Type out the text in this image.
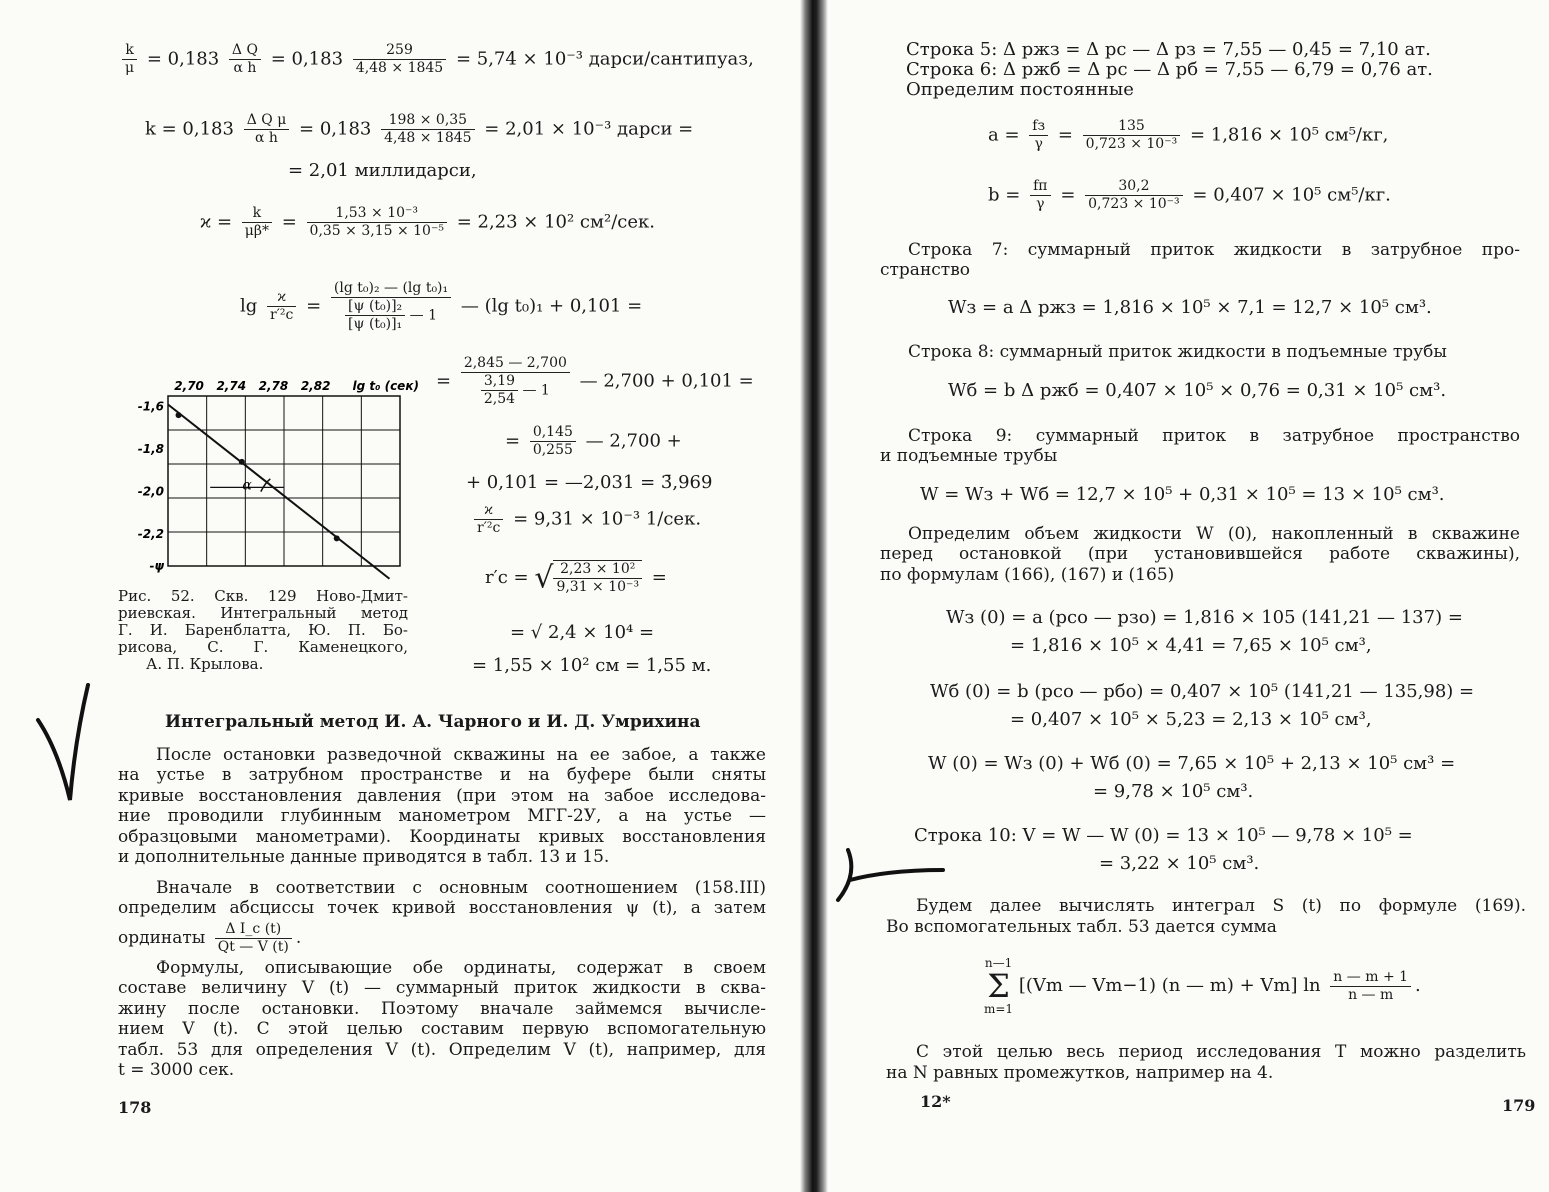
$\frac{k}{\mu} = 0,183 \frac{\text{Δ Q}}{\text{α h}} = 0,183 \frac{259}{4,48 \times 1845} = 5,74 \times 10^{-3}$ дарси/сантипуаз,
$k = 0,183 \frac{\text{Δ Q μ}}{\text{α h}} = 0,183 \frac{198 \times 0,35}{4,48 \times 1845} = 2,01 \times 10^{-3}$ дарси =
= 2,01 миллидарси,
$ϰ = \frac{k}{\mu\beta*} = \frac{\text{1,53 × 10⁻³}}{\text{0,35 × 3,15 × 10⁻⁵}} = 2,23 \times 10^2$ см²/сек.
$\lg \frac{ϰ}{\text{r′²c}} = \frac{\text{(lg t₀)₂ — (lg t₀)₁}}{\frac{\text{[ψ (t₀)]₂}}{\text{[ψ (t₀)]₁}} — 1}$ — (lg t₀)₁ + 0,101 =
= $\frac{2,845 — 2,700}{\frac{3,19}{2,54} — 1}$ — 2,700 + 0,101 =
= $\frac{0,145}{0,255}$ — 2,700 +
+ 0,101 = —2,031 = 3̄,969
$\frac{ϰ}{\text{r′²c}} = 9,31 \times 10^{-3}$ 1/сек.
r′c = √ $\frac{\text{2,23 × 10²}}{\text{9,31 × 10⁻³}}$ =
= √ 2,4 × 10⁴ =
= 1,55 × 10² см = 1,55 м.
2,70 2,74 2,78 2,82 lg t₀ (сек)
-1,6
-1,8
-2,0
-2,2
-ψ
α
Рис. 52. Скв. 129 Ново-Дмит-
риевская. Интегральный метод
Г. И. Баренблатта, Ю. П. Бо-
рисова, С. Г. Каменецкого,
А. П. Крылова.
Интегральный метод И. А. Чарного и И. Д. Умрихина
После остановки разведочной скважины на ее забое, а также
на устье в затрубном пространстве и на буфере были сняты
кривые восстановления давления (при этом на забое исследова-
ние проводили глубинным манометром МГГ-2У, а на устье —
образцовыми манометрами). Координаты кривых восстановления
и дополнительные данные приводятся в табл. 13 и 15.
Вначале в соответствии с основным соотношением (158.III)
определим абсциссы точек кривой восстановления ψ (t), а затем
ординаты $\frac{\text{Δ I\_c (t)}}{Qt — V (t)}$ .
Формулы, описывающие обе ординаты, содержат в своем
составе величину V (t) — суммарный приток жидкости в сква-
жину после остановки. Поэтому вначале займемся вычисле-
нием V (t). С этой целью составим первую вспомогательную
табл. 53 для определения V (t). Определим V (t), например, для
t = 3000 сек.
178
Строка 5: Δ pжз = Δ pc — Δ pз = 7,55 — 0,45 = 7,10 ат.
Строка 6: Δ pжб = Δ pc — Δ pб = 7,55 — 6,79 = 0,76 ат.
Определим постоянные
$a = \frac{fз}{\gamma} = \frac{135}{\text{0,723 × 10⁻³}} = 1,816 \times 10^5$ см⁵/кг,
$b = \frac{fп}{\gamma} = \frac{30,2}{\text{0,723 × 10⁻³}} = 0,407 \times 10^5$ см⁵/кг.
Строка 7: суммарный приток жидкости в затрубное про-
странство
Wз = a Δ pжз = 1,816 × 10⁵ × 7,1 = 12,7 × 10⁵ см³.
Строка 8: суммарный приток жидкости в подъемные трубы
Wб = b Δ pжб = 0,407 × 10⁵ × 0,76 = 0,31 × 10⁵ см³.
Строка 9: суммарный приток в затрубное пространство
и подъемные трубы
W = Wз + Wб = 12,7 × 10⁵ + 0,31 × 10⁵ = 13 × 10⁵ см³.
Определим объем жидкости W (0), накопленный в скважине
перед остановкой (при установившейся работе скважины),
по формулам (166), (167) и (165)
Wз (0) = a (pco — pзo) = 1,816 × 105 (141,21 — 137) =
= 1,816 × 10⁵ × 4,41 = 7,65 × 10⁵ см³,
Wб (0) = b (pco — pбo) = 0,407 × 10⁵ (141,21 — 135,98) =
= 0,407 × 10⁵ × 5,23 = 2,13 × 10⁵ см³,
W (0) = Wз (0) + Wб (0) = 7,65 × 10⁵ + 2,13 × 10⁵ см³ =
= 9,78 × 10⁵ см³.
Строка 10: V = W — W (0) = 13 × 10⁵ — 9,78 × 10⁵ =
= 3,22 × 10⁵ см³.
Будем далее вычислять интеграл S (t) по формуле (169).
Во вспомогательных табл. 53 дается сумма
n—1
Σ
m=1
[(Vm — Vm−1) (n — m) + Vm] $\ln \frac{n — m + 1}{n — m}$ .
С этой целью весь период исследования T можно разделить
на N равных промежутков, например на 4.
12*	179
